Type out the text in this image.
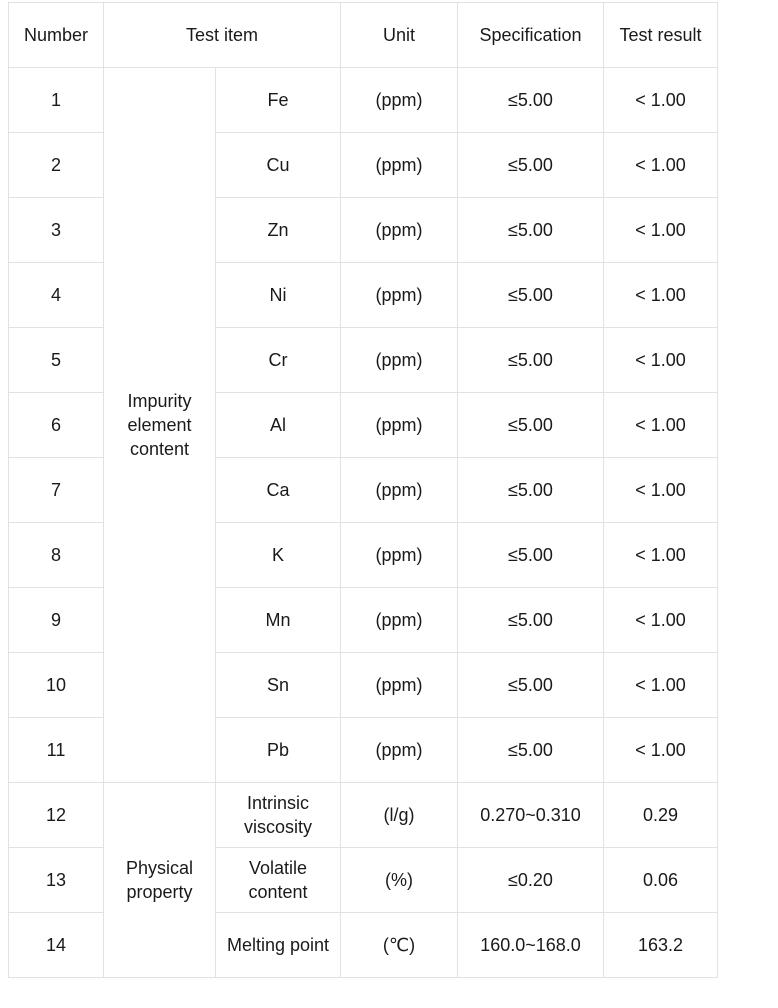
Number	Test item		Unit	Specification	Test result
1	Impurity element content	Fe	(ppm)	≤5.00	< 1.00
2		Cu	(ppm)	≤5.00	< 1.00
3		Zn	(ppm)	≤5.00	< 1.00
4		Ni	(ppm)	≤5.00	< 1.00
5		Cr	(ppm)	≤5.00	< 1.00
6		Al	(ppm)	≤5.00	< 1.00
7		Ca	(ppm)	≤5.00	< 1.00
8		K	(ppm)	≤5.00	< 1.00
9		Mn	(ppm)	≤5.00	< 1.00
10		Sn	(ppm)	≤5.00	< 1.00
11		Pb	(ppm)	≤5.00	< 1.00
12	Physical property	Intrinsic viscosity	(l/g)	0.270~0.310	0.29
13		Volatile content	(%)	≤0.20	0.06
14		Melting point	(℃)	160.0~168.0	163.2
